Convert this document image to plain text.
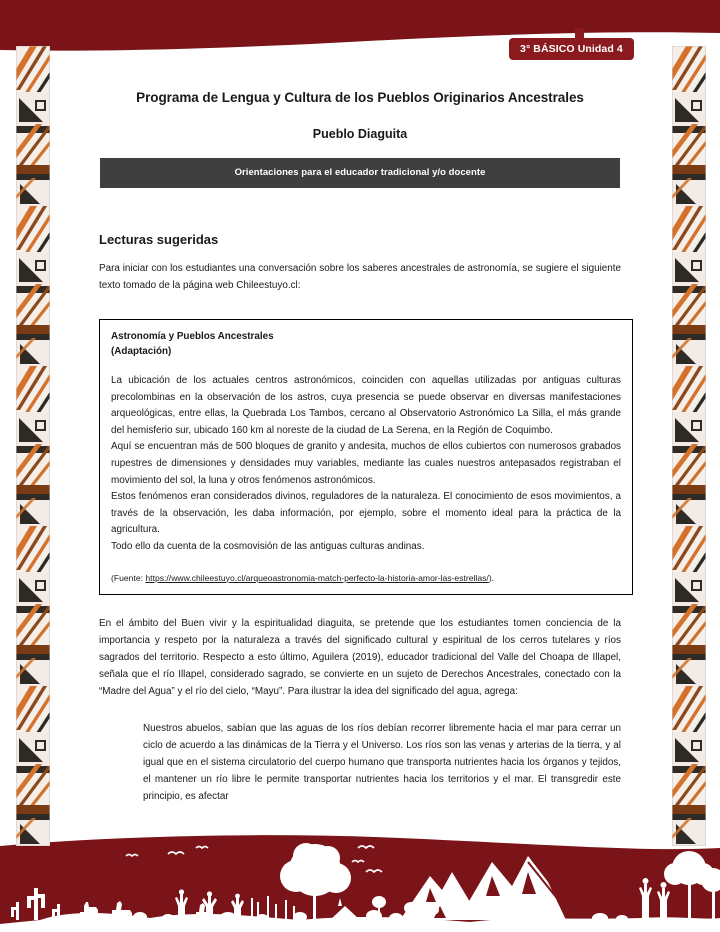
3° BÁSICO Unidad 4
Programa de Lengua y Cultura de los Pueblos Originarios Ancestrales
Pueblo Diaguita
Orientaciones para el educador tradicional y/o docente
Lecturas sugeridas
Para iniciar con los estudiantes una conversación sobre los saberes ancestrales de astronomía, se sugiere el siguiente texto tomado de la página web Chileestuyo.cl:
Astronomía y Pueblos Ancestrales
(Adaptación)
La ubicación de los actuales centros astronómicos, coinciden con aquellas utilizadas por antiguas culturas precolombinas en la observación de los astros, cuya presencia se puede observar en diversas manifestaciones arqueológicas, entre ellas, la Quebrada Los Tambos, cercano al Observatorio Astronómico La Silla, el más grande del hemisferio sur, ubicado 160 km al noreste de la ciudad de La Serena, en la Región de Coquimbo.
Aquí se encuentran más de 500 bloques de granito y andesita, muchos de ellos cubiertos con numerosos grabados rupestres de dimensiones y densidades muy variables, mediante las cuales nuestros antepasados registraban el movimiento del sol, la luna y otros fenómenos astronómicos.
Estos fenómenos eran considerados divinos, reguladores de la naturaleza. El conocimiento de esos movimientos, a través de la observación, les daba información, por ejemplo, sobre el momento ideal para la práctica de la agricultura.
Todo ello da cuenta de la cosmovisión de las antiguas culturas andinas.
(Fuente: https://www.chileestuyo.cl/arqueoastronomia-match-perfecto-la-historia-amor-las-estrellas/).
En el ámbito del Buen vivir y la espiritualidad diaguita, se pretende que los estudiantes tomen conciencia de la importancia y respeto por la naturaleza a través del significado cultural y espiritual de los cerros tutelares y ríos sagrados del territorio. Respecto a esto último, Aguilera (2019), educador tradicional del Valle del Choapa de Illapel, señala que el río Illapel, considerado sagrado, se convierte en un sujeto de Derechos Ancestrales, conectado con la “Madre del Agua” y el río del cielo, “Mayu”. Para ilustrar la idea del significado del agua, agrega:
Nuestros abuelos, sabían que las aguas de los ríos debían recorrer libremente hacia el mar para cerrar un ciclo de acuerdo a las dinámicas de la Tierra y el Universo. Los ríos son las venas y arterias de la tierra, y al igual que en el sistema circulatorio del cuerpo humano que transporta nutrientes hacia los órganos y tejidos, el mantener un río libre le permite transportar nutrientes hacia los territorios y el mar. El transgredir este principio, es afectar
